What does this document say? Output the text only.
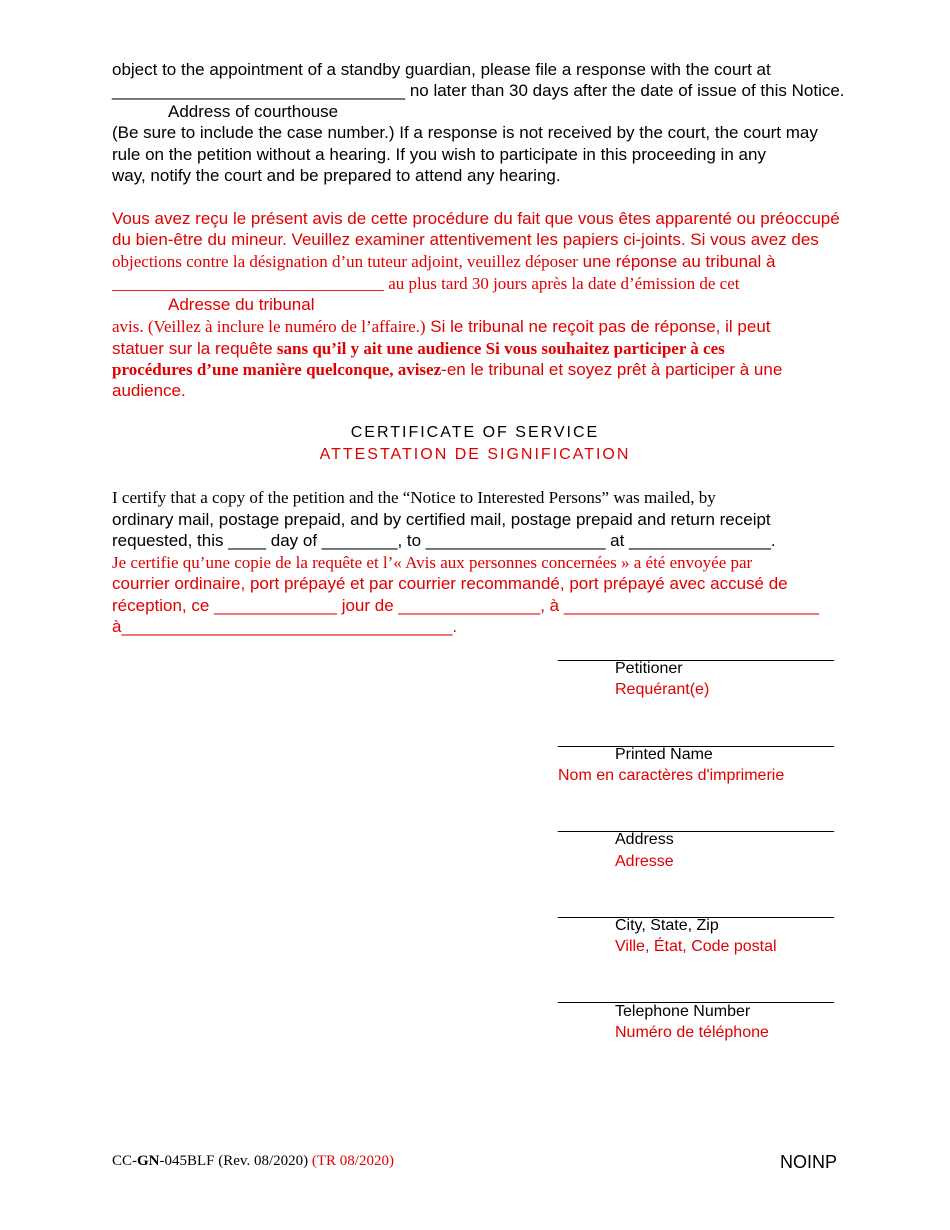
object to the appointment of a standby guardian, please file a response with the court at
_______________________________ no later than 30 days after the date of issue of this Notice.
Address of courthouse
(Be sure to include the case number.) If a response is not received by the court, the court may
rule on the petition without a hearing. If you wish to participate in this proceeding in any
way, notify the court and be prepared to attend any hearing.
Vous avez reçu le présent avis de cette procédure du fait que vous êtes apparenté ou préoccupé
du bien-être du mineur. Veuillez examiner attentivement les papiers ci-joints. Si vous avez des
objections contre la désignation d’un tuteur adjoint, veuillez déposer une réponse au tribunal à
________________________________ au plus tard 30 jours après la date d’émission de cet
Adresse du tribunal
avis. (Veillez à inclure le numéro de l’affaire.) Si le tribunal ne reçoit pas de réponse, il peut
statuer sur la requête sans qu’il y ait une audience Si vous souhaitez participer à ces
procédures d’une manière quelconque, avisez-en le tribunal et soyez prêt à participer à une
audience.
CERTIFICATE OF SERVICE
ATTESTATION DE SIGNIFICATION
I certify that a copy of the petition and the “Notice to Interested Persons” was mailed, by
ordinary mail, postage prepaid, and by certified mail, postage prepaid and return receipt
requested, this ____ day of ________, to ___________________ at _______________.
Je certifie qu’une copie de la requête et l’« Avis aux personnes concernées » a été envoyée par
courrier ordinaire, port prépayé et par courrier recommandé, port prépayé avec accusé de
réception, ce _____________ jour de _______________, à ___________________________
à___________________________________.
_______________________________
Petitioner
Requérant(e)
_______________________________
Printed Name
Nom en caractères d'imprimerie
_______________________________
Address
Adresse
_______________________________
City, State, Zip
Ville, État, Code postal
_______________________________
Telephone Number
Numéro de téléphone
CC-GN-045BLF (Rev. 08/2020) (TR 08/2020)	NOINP
